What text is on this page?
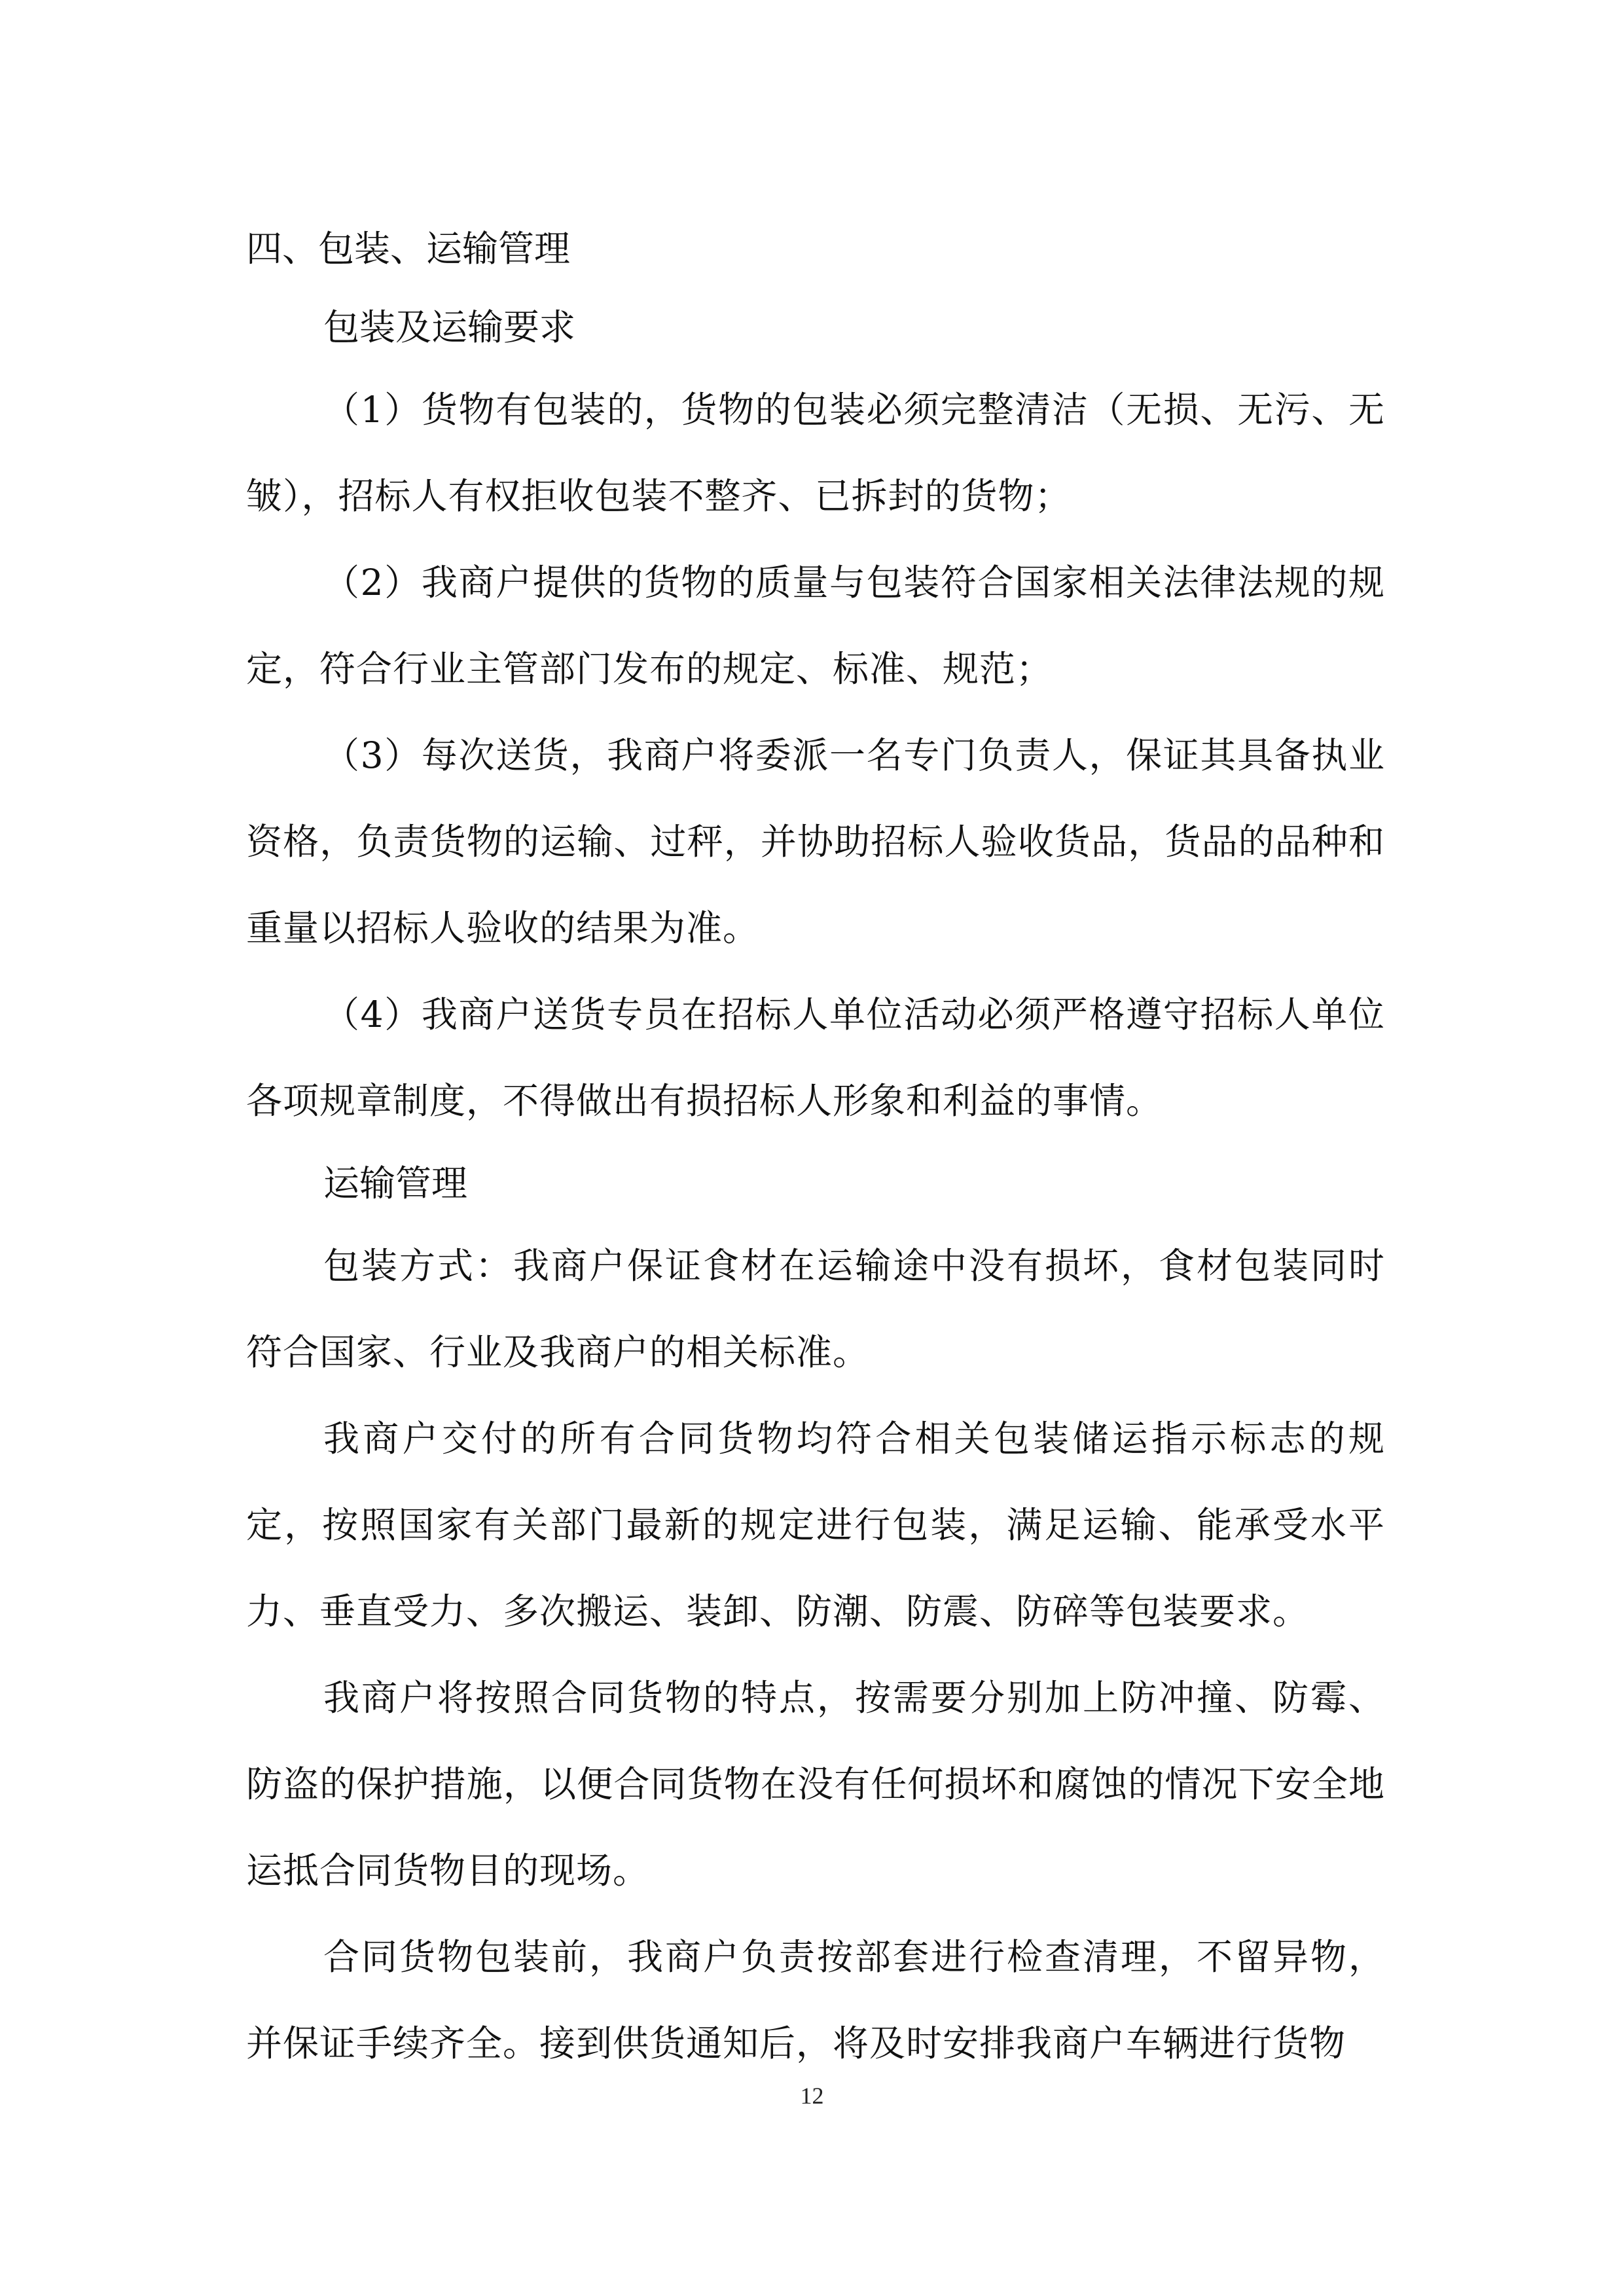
四、包装、运输管理
包装及运输要求

（1）货物有包装的，货物的包装必须完整清洁（无损、无污、无皱），招标人有权拒收包装不整齐、已拆封的货物；

（2）我商户提供的货物的质量与包装符合国家相关法律法规的规定，符合行业主管部门发布的规定、标准、规范；

（3）每次送货，我商户将委派一名专门负责人，保证其具备执业资格，负责货物的运输、过秤，并协助招标人验收货品，货品的品种和重量以招标人验收的结果为准。

（4）我商户送货专员在招标人单位活动必须严格遵守招标人单位各项规章制度，不得做出有损招标人形象和利益的事情。

运输管理

包装方式：我商户保证食材在运输途中没有损坏，食材包装同时符合国家、行业及我商户的相关标准。

我商户交付的所有合同货物均符合相关包装储运指示标志的规定，按照国家有关部门最新的规定进行包装，满足运输、能承受水平力、垂直受力、多次搬运、装卸、防潮、防震、防碎等包装要求。

我商户将按照合同货物的特点，按需要分别加上防冲撞、防霉、防盗的保护措施，以便合同货物在没有任何损坏和腐蚀的情况下安全地运抵合同货物目的现场。

合同货物包装前，我商户负责按部套进行检查清理，不留异物，并保证手续齐全。接到供货通知后，将及时安排我商户车辆进行货物

12
